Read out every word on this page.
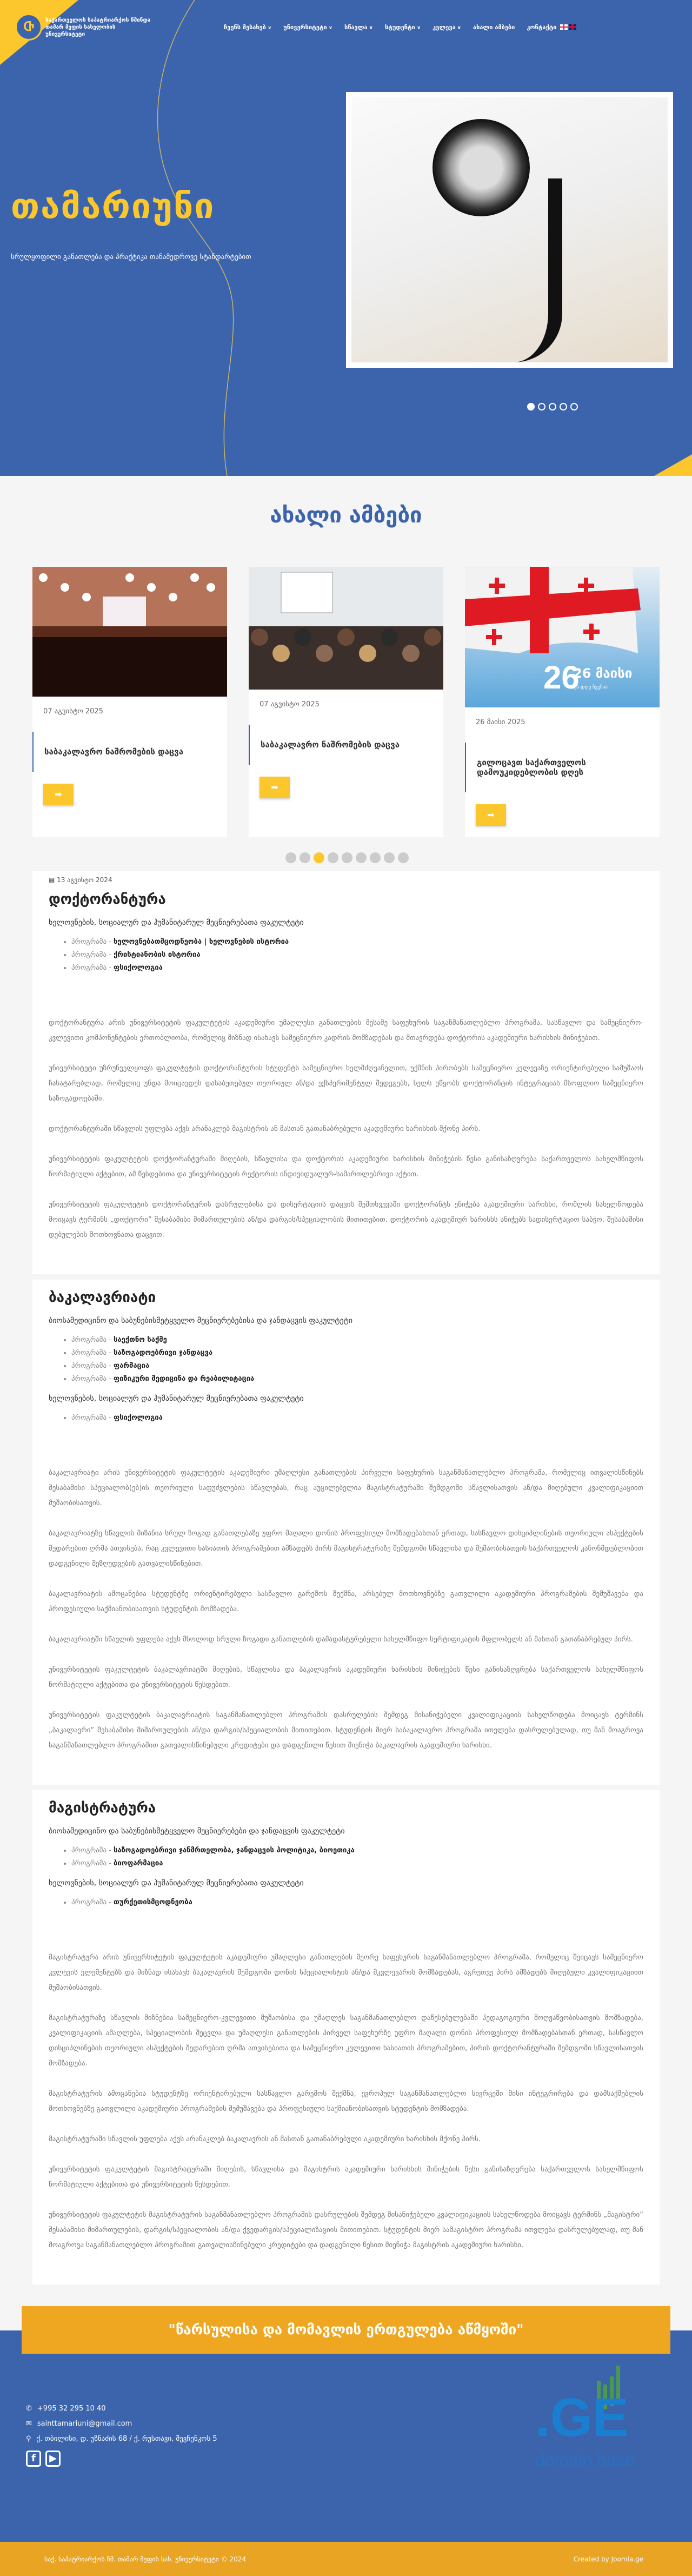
Ⴇ
საქართველოს საპატრიარქოს წმინდა თამარ მეფის სახელობის უნივერსიტეტი
ჩვენს შესახებ ∨ უნივერსიტეტი ∨ სწავლა ∨ სტუდენტი ∨ კვლევა ∨ ახალი ამბები კონტაქტი
თამარიუნი
სრულყოფილი განათლება და პრაქტიკა თანამედროვე სტანდარტებით
ახალი ამბები
07 აგვისტო 2025
საბაკალავრო ნაშრომების დაცვა
➡
07 აგვისტო 2025
საბაკალავრო ნაშრომების დაცვა
➡
26
26 მაისი
ეს დღე ჩვენია
26 მაისი 2025
გილოცავთ საქართველოს დამოუკიდებლობის დღეს
➡
▦ 13 აგვისტო 2024
დოქტორანტურა
ხელოვნების, სოციალურ და ჰუმანიტარულ მეცნიერებათა ფაკულტეტი
• პროგრამა - ხელოვნებათმცოდნეობა | ხელოვნების ისტორია
• პროგრამა - ქრისტიანობის ისტორია
• პროგრამა - ფსიქოლოგია

დოქტორანტურა არის უნივერსიტეტის ფაკულტეტის აკადემიური უმაღლესი განათლების მესამე საფეხურის საგანმანათლებლო პროგრამა, სასწავლო და სამეცნიერო-კვლევითი კომპონენტების ერთობლიობა, რომელიც მიზნად ისახავს სამეცნიერო კადრის მომზადებას და მთავრდება დოქტორის აკადემიური ხარისხის მინიჭებით.

უნივერსიტეტი უზრუნველყოფს ფაკულტეტის დოქტორანტურის სტუდენტს სამეცნიერო ხელმძღვანელით, უქმნის პირობებს სამეცნიერო კვლევაზე ორიენტირებული სამუშაოს ჩასატარებლად, რომელიც უნდა მოიცავდეს დასაბუთებულ თეორიულ ან/და ექსპერიმენტულ შედეგებს, ხელს უწყობს დოქტორანტის ინტეგრაციას მსოფლიო სამეცნიერო საზოგადოებაში.

დოქტორანტურაში სწავლის უფლება აქვს არანაკლებ მაგისტრის ან მასთან გათანაბრებული აკადემიური ხარისხის მქონე პირს.

უნივერსიტეტის ფაკულტეტის დოქტორანტურაში მიღების, სწავლისა და დოქტორის აკადემიური ხარისხის მინიჭების წესი განისაზღვრება საქართველოს სახელმწიფოს ნორმატიული აქტებით, ამ წესდებითა და უნივერსიტეტის რექტორის ინდივიდუალურ-სამართლებრივი აქტით.

უნივერსიტეტის ფაკულტეტის დოქტორანტურის დასრულებისა და დისერტაციის დაცვის შემთხვევაში დოქტორანტს ენიჭება აკადემიური ხარისხი, რომლის სახელწოდება მოიცავს ტერმინს „დოქტორი“ შესაბამისი მიმართულების ან/და დარგის/სპეციალობის მითითებით. დოქტორის აკადემიურ ხარისხს ანიჭებს სადისერტაციო საბჭო, შესაბამისი დებულების მოთხოვნათა დაცვით.

ბაკალავრიატი
ბიოსამედიცინო და საბუნებისმეტყველო მეცნიერებებისა და ჯანდაცვის ფაკულტეტი
• პროგრამა - საექთნო საქმე
• პროგრამა - საზოგადოებრივი ჯანდაცვა
• პროგრამა - ფარმაცია
• პროგრამა - ფიზიკური მედიცინა და რეაბილიტაცია
ხელოვნების, სოციალურ და ჰუმანიტარულ მეცნიერებათა ფაკულტეტი
• პროგრამა - ფსიქოლოგია

ბაკალავრიატი არის უნივერსიტეტის ფაკულტეტის აკადემიური უმაღლესი განათლების პირველი საფეხურის საგანმანათლებლო პროგრამა, რომელიც ითვალისწინებს შესაბამისი სპეციალობ(ებ)ის თეორიული საფუძვლების სწავლებას, რაც აუცილებელია მაგისტრატურაში შემდგომი სწავლისათვის ან/და მიღებული კვალიფიკაციით მუშაობისათვის.

ბაკალავრიატზე სწავლის მიზანია სრულ ზოგად განათლებაზე უფრო მაღალი დონის პროფესიულ მომზადებასთან ერთად, სასწავლო დისციპლინების თეორიული ასპექტების შედარებით ღრმა ათვისება, რაც კვლევითი ხასიათის პროგრამებით ამზადებს პირს მაგისტრატურაზე შემდგომი სწავლისა და მუშაობისათვის საქართველოს კანონმდებლობით დადგენილი შეზღუდვების გათვალისწინებით.

ბაკალავრიატის ამოცანებია სტუდენტზე ორიენტირებული სასწავლო გარემოს შექმნა, არსებულ მოთხოვნებზე გათვლილი აკადემიური პროგრამების შემუშავება და პროფესიული საქმიანობისათვის სტუდენტის მომზადება.

ბაკალავრიატში სწავლის უფლება აქვს მხოლოდ სრული ზოგადი განათლების დამადასტურებელი სახელმწიფო სერტიფიკატის მფლობელს ან მასთან გათანაბრებულ პირს.

უნივერსიტეტის ფაკულტეტის ბაკალავრიატში მიღების, სწავლისა და ბაკალავრის აკადემიური ხარისხის მინიჭების წესი განისაზღვრება საქართველოს სახელმწიფოს ნორმატიული აქტებითა და უნივერსიტეტის წესდებით.

უნივერსიტეტის ფაკულტეტის ბაკალავრიატის საგანმანათლებლო პროგრამის დასრულების შემდეგ მისანიჭებელი კვალიფიკაციის სახელწოდება მოიცავს ტერმინს „ბაკალავრი“ შესაბამისი მიმართულების ან/და დარგის/სპეციალობის მითითებით. სტუდენტის მიერ საბაკალავრო პროგრამა ითვლება დასრულებულად, თუ მან მოაგროვა საგანმანათლებლო პროგრამით გათვალისწინებული კრედიტები და დადგენილი წესით მიენიჭა ბაკალავრის აკადემიური ხარისხი.

მაგისტრატურა
ბიოსამედიცინო და საბუნებისმეტყველო მეცნიერებები და ჯანდაცვის ფაკულტეტი
• პროგრამა - საზოგადოებრივი ჯანმრთელობა, ჯანდაცვის პოლიტიკა, ბიოეთიკა
• პროგრამა - ბიოფარმაცია
ხელოვნების, სოციალურ და ჰუმანიტარულ მეცნიერებათა ფაკულტეტი
• პროგრამა - თურქეთისმცოდნეობა

მაგისტრატურა არის უნივერსიტეტის ფაკულტეტის აკადემიური უმაღლესი განათლების მეორე საფეხურის საგანმანათლებლო პროგრამა, რომელიც შეიცავს სამეცნიერო კვლევის ელემენტებს და მიზნად ისახავს ბაკალავრის შემდგომი დონის სპეციალისტის ან/და მკვლევარის მომზადებას, აგრეთვე პირს ამზადებს მიღებული კვალიფიკაციით მუშაობისათვის.

მაგისტრატურაზე სწავლის მიზნებია სამეცნიერო-კვლევითი მუშაობისა და უმაღლეს საგანმანათლებლო დაწესებულებაში პედაგოგიური მოღვაწეობისათვის მომზადება, კვალიფიკაციის ამაღლება, სპეციალობის შეცვლა და უმაღლესი განათლების პირველ საფეხურზე უფრო მაღალი დონის პროფესიულ მომზადებასთან ერთად, სასწავლო დისციპლინების თეორიული ასპექტების შედარებით ღრმა ათვისებითა და სამეცნიერო კვლევითი ხასიათის პროგრამებით, პირის დოქტორანტურაში შემდგომი სწავლისათვის მომზადება.

მაგისტრატურის ამოცანებია სტუდენტზე ორიენტირებული სასწავლო გარემოს შექმნა, ევროპულ საგანმანათლებლო სივრცეში მისი ინტეგრირება და დამსაქმებლის მოთხოვნებზე გათვლილი აკადემიური პროგრამების შემუშავება და პროფესიული საქმიანობისათვის სტუდენტის მომზადება.

მაგისტრატურაში სწავლის უფლება აქვს არანაკლებ ბაკალავრის ან მასთან გათანაბრებული აკადემიური ხარისხის მქონე პირს.

უნივერსიტეტის ფაკულტეტის მაგისტრატურაში მიღების, სწავლისა და მაგისტრის აკადემიური ხარისხის მინიჭების წესი განისაზღვრება საქართველოს სახელმწიფოს ნორმატიული აქტებითა და უნივერსიტეტის წესდებით.

უნივერსიტეტის ფაკულტეტის მაგისტრატურის საგანმანათლებლო პროგრამის დასრულების შემდეგ მისანიჭებელი კვალიფიკაციის სახელწოდება მოიცავს ტერმინს „მაგისტრი“ შესაბამისი მიმართულების, დარგის/სპეციალობის ან/და ქვედარგის/სპეციალიზაციის მითითებით. სტუდენტის მიერ სამაგისტრო პროგრამა ითვლება დასრულებულად, თუ მან მოაგროვა საგანმანათლებლო პროგრამით გათვალისწინებული კრედიტები და დადგენილი წესით მიენიჭა მაგისტრის აკადემიური ხარისხი.

"წარსულისა და მომავლის ერთგულება აწმყოში"
✆ +995 32 295 10 40
✉ sainttamariuni@gmail.com
⚲ ქ. თბილისი, დ. უზნაძის 68 / ქ. რუსთავი, შევჩენკოს 5
f	▶
.GE
domain base
საქ. საპატრიარქოს წმ. თამარ მეფის სახ. უნივერსიტეტი © 2024	Created by Joomla.ge
